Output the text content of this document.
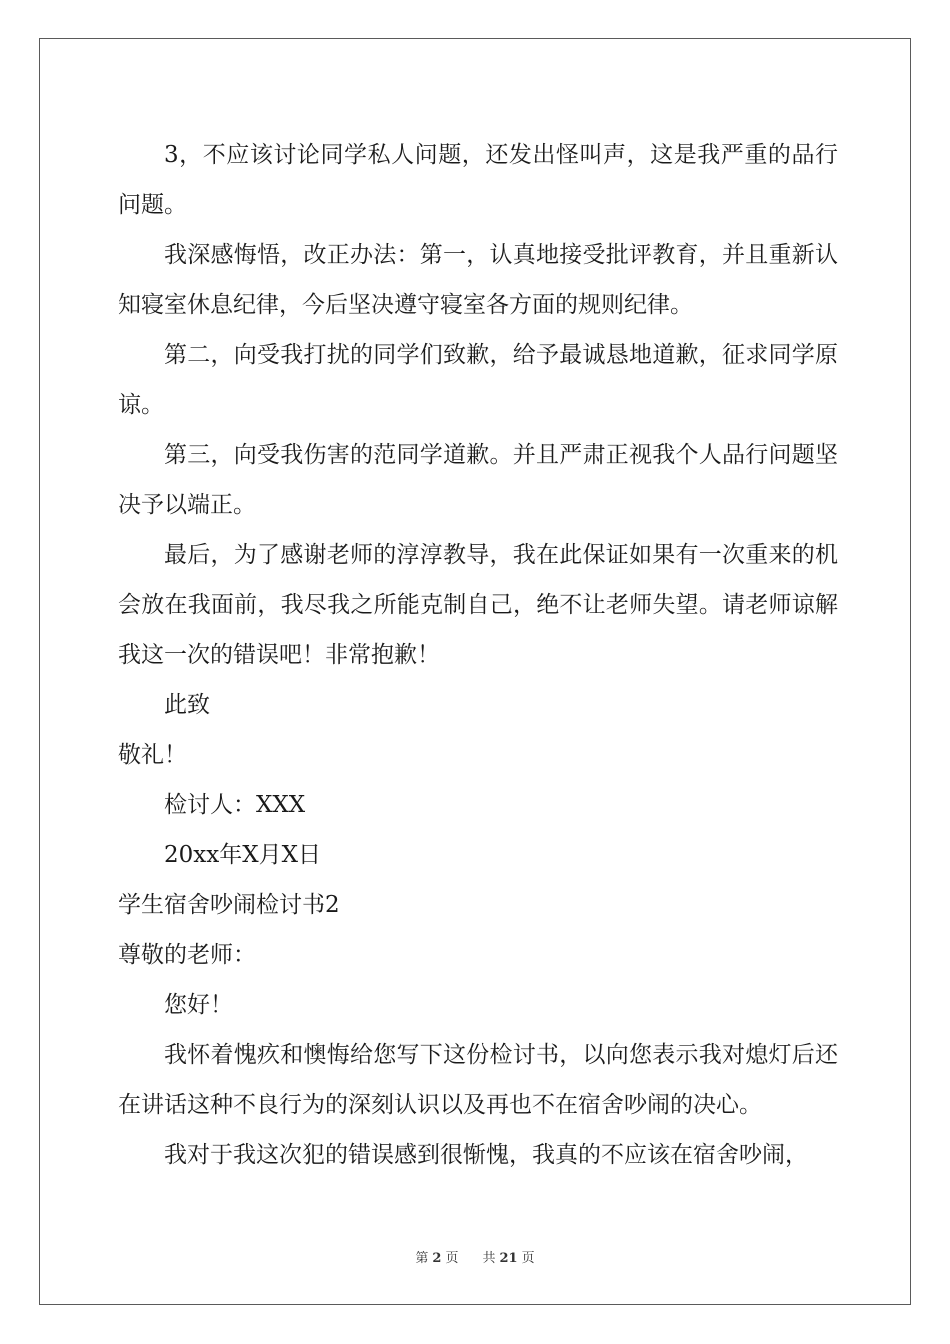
3，不应该讨论同学私人问题，还发出怪叫声，这是我严重的品行问题。

我深感悔悟，改正办法：第一，认真地接受批评教育，并且重新认知寝室休息纪律，今后坚决遵守寝室各方面的规则纪律。

第二，向受我打扰的同学们致歉，给予最诚恳地道歉，征求同学原谅。

第三，向受我伤害的范同学道歉。并且严肃正视我个人品行问题坚决予以端正。

最后，为了感谢老师的淳淳教导，我在此保证如果有一次重来的机会放在我面前，我尽我之所能克制自己，绝不让老师失望。请老师谅解我这一次的错误吧！非常抱歉！

此致

敬礼！

检讨人：XXX

20xx年X月X日

学生宿舍吵闹检讨书2

尊敬的老师：

您好！

我怀着愧疚和懊悔给您写下这份检讨书，以向您表示我对熄灯后还在讲话这种不良行为的深刻认识以及再也不在宿舍吵闹的决心。

我对于我这次犯的错误感到很惭愧，我真的不应该在宿舍吵闹，

第 2 页 共 21 页
